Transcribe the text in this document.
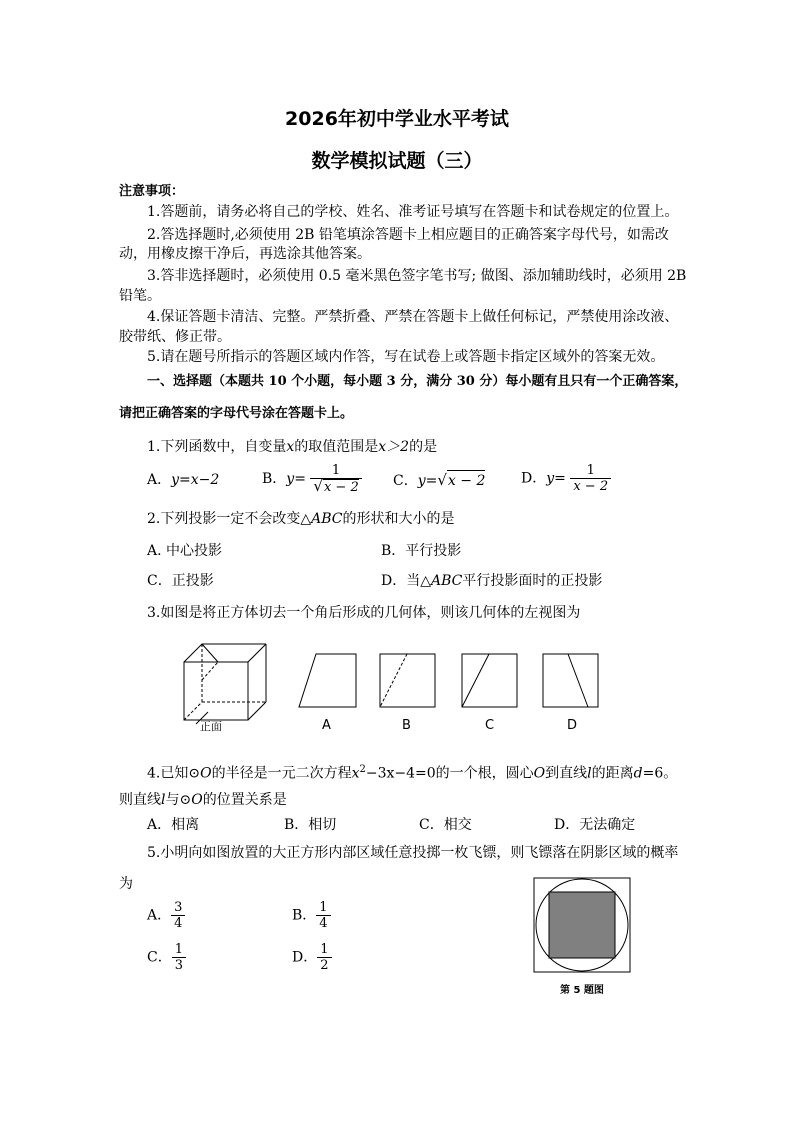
2026年初中学业水平考试
数学模拟试题（三）
注意事项：
1.答题前，请务必将自己的学校、姓名、准考证号填写在答题卡和试卷规定的位置上。
2.答选择题时,必须使用 2B 铅笔填涂答题卡上相应题目的正确答案字母代号，如需改
动，用橡皮擦干净后，再选涂其他答案。
3.答非选择题时，必须使用 0.5 毫米黑色签字笔书写; 做图、添加辅助线时，必须用 2B
铅笔。
4.保证答题卡清洁、完整。严禁折叠、严禁在答题卡上做任何标记，严禁使用涂改液、
胶带纸、修正带。
5.请在题号所指示的答题区域内作答，写在试卷上或答题卡指定区域外的答案无效。
一、选择题（本题共 10 个小题，每小题 3 分，满分 30 分）每小题有且只有一个正确答案，
请把正确答案的字母代号涂在答题卡上。
1.下列函数中，自变量x的取值范围是x＞2的是
A．y=x−2	B．$y= \frac{1}{√x - 2}$ C．y=√x − 2	D．$y= \frac{1}{x - 2}$
2.下列投影一定不会改变△ABC的形状和大小的是
A. 中心投影	B．平行投影
C．正投影	D．当△ABC平行投影面时的正投影
3.如图是将正方体切去一个角后形成的几何体，则该几何体的左视图为
正面	A	B	C	D
4.已知⊙O的半径是一元二次方程$x^2-3x-4=0$的一个根，圆心O到直线l的距离d=6。
则直线l与⊙O的位置关系是
A．相离	B．相切	C．相交	D．无法确定
5.小明向如图放置的大正方形内部区域任意投掷一枚飞镖，则飞镖落在阴影区域的概率
为
A． $\frac{3}{4}$	B． $\frac{1}{4}$
C． $\frac{1}{3}$	D． $\frac{1}{2}$
第 5 题图
